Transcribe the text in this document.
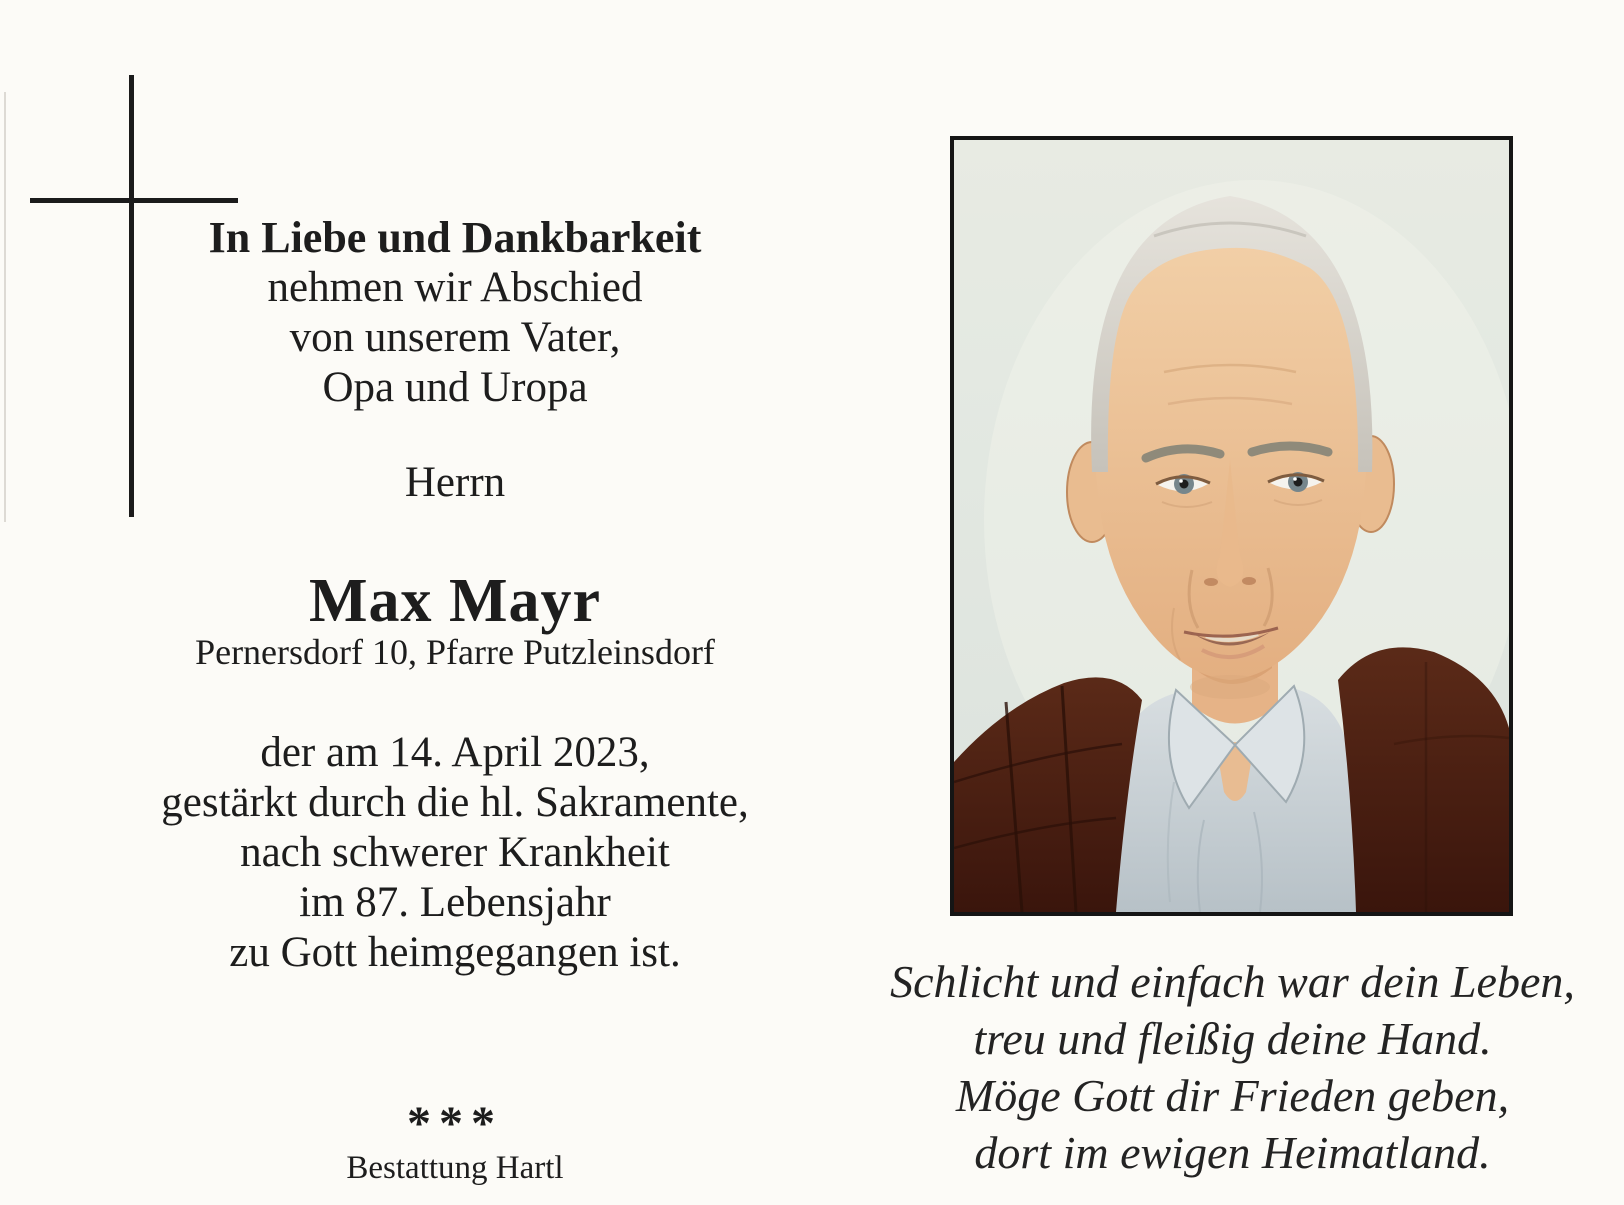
In Liebe und Dankbarkeit
nehmen wir Abschied
von unserem Vater,
Opa und Uropa
Herrn
Max Mayr
Pernersdorf 10, Pfarre Putzleinsdorf
der am 14. April 2023,
gestärkt durch die hl. Sakramente,
nach schwerer Krankheit
im 87. Lebensjahr
zu Gott heimgegangen ist.
***
Bestattung Hartl
Schlicht und einfach war dein Leben,
treu und fleißig deine Hand.
Möge Gott dir Frieden geben,
dort im ewigen Heimatland.
